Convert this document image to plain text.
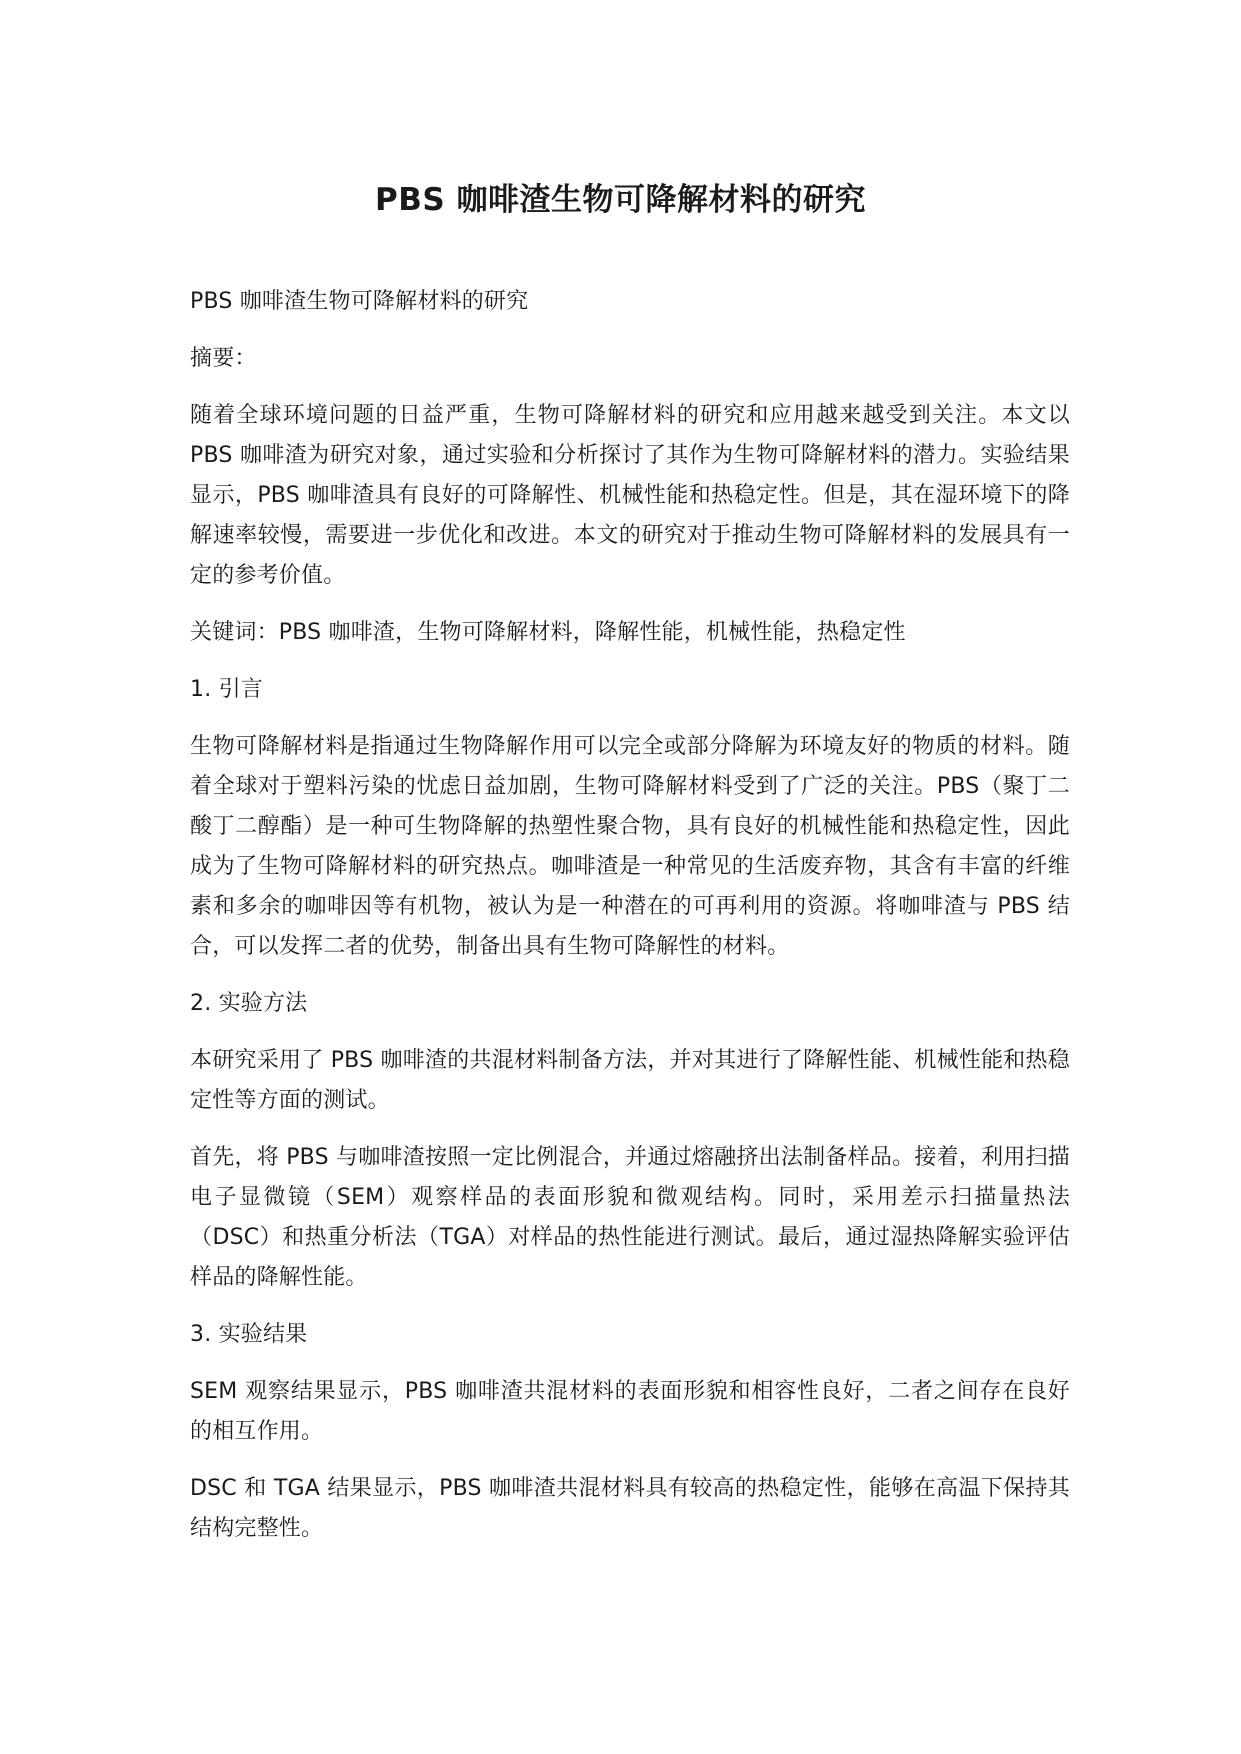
PBS 咖啡渣生物可降解材料的研究

PBS 咖啡渣生物可降解材料的研究

摘要：

随着全球环境问题的日益严重，生物可降解材料的研究和应用越来越受到关注。本文以 PBS 咖啡渣为研究对象，通过实验和分析探讨了其作为生物可降解材料的潜力。实验结果显示，PBS 咖啡渣具有良好的可降解性、机械性能和热稳定性。但是，其在湿环境下的降解速率较慢，需要进一步优化和改进。本文的研究对于推动生物可降解材料的发展具有一定的参考价值。

关键词：PBS 咖啡渣，生物可降解材料，降解性能，机械性能，热稳定性

1. 引言

生物可降解材料是指通过生物降解作用可以完全或部分降解为环境友好的物质的材料。随着全球对于塑料污染的忧虑日益加剧，生物可降解材料受到了广泛的关注。PBS（聚丁二酸丁二醇酯）是一种可生物降解的热塑性聚合物，具有良好的机械性能和热稳定性，因此成为了生物可降解材料的研究热点。咖啡渣是一种常见的生活废弃物，其含有丰富的纤维素和多余的咖啡因等有机物，被认为是一种潜在的可再利用的资源。将咖啡渣与 PBS 结合，可以发挥二者的优势，制备出具有生物可降解性的材料。

2. 实验方法

本研究采用了 PBS 咖啡渣的共混材料制备方法，并对其进行了降解性能、机械性能和热稳定性等方面的测试。

首先，将 PBS 与咖啡渣按照一定比例混合，并通过熔融挤出法制备样品。接着，利用扫描电子显微镜（SEM）观察样品的表面形貌和微观结构。同时，采用差示扫描量热法（DSC）和热重分析法（TGA）对样品的热性能进行测试。最后，通过湿热降解实验评估样品的降解性能。

3. 实验结果

SEM 观察结果显示，PBS 咖啡渣共混材料的表面形貌和相容性良好，二者之间存在良好的相互作用。

DSC 和 TGA 结果显示，PBS 咖啡渣共混材料具有较高的热稳定性，能够在高温下保持其结构完整性。
